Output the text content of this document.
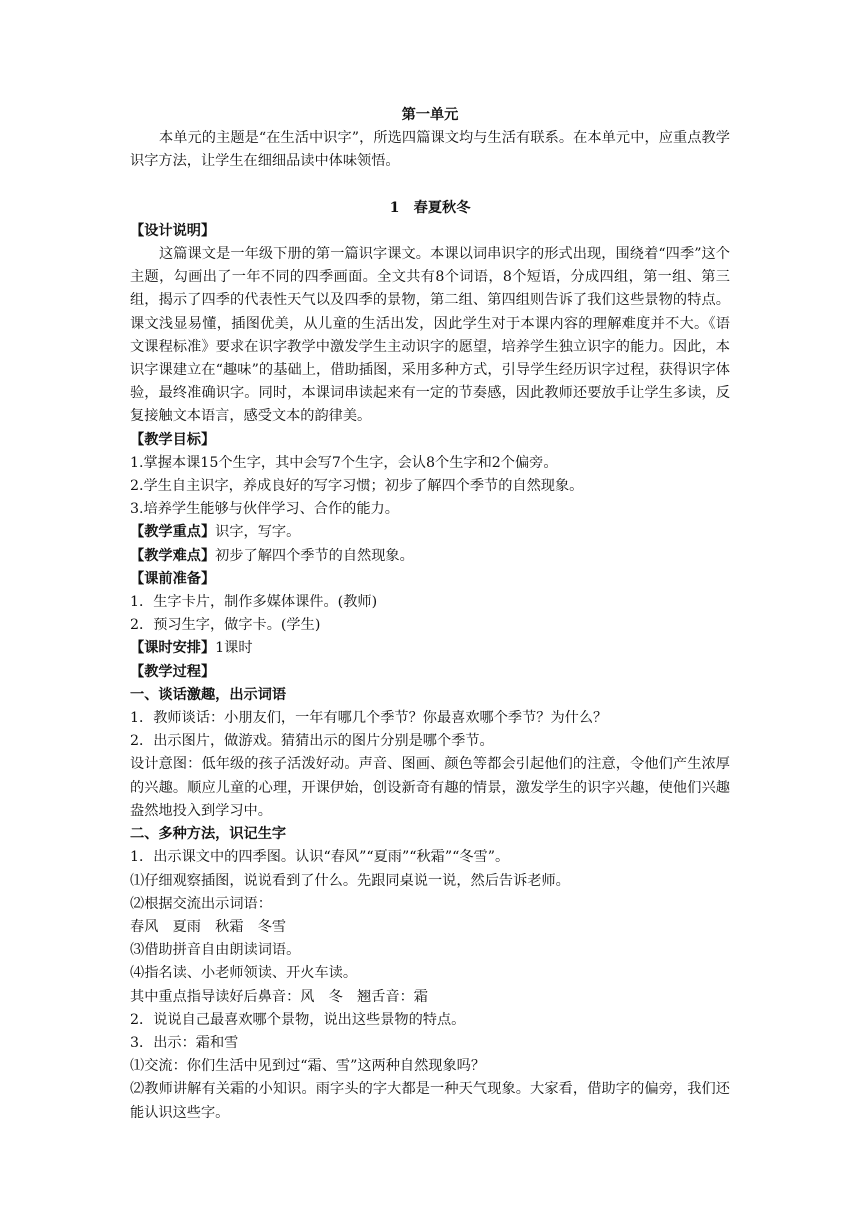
第一单元

本单元的主题是“在生活中识字”，所选四篇课文均与生活有联系。在本单元中，应重点教学识字方法，让学生在细细品读中体味领悟。

1　春夏秋冬

【设计说明】

这篇课文是一年级下册的第一篇识字课文。本课以词串识字的形式出现，围绕着“四季”这个主题，勾画出了一年不同的四季画面。全文共有8个词语，8个短语，分成四组，第一组、第三组，揭示了四季的代表性天气以及四季的景物，第二组、第四组则告诉了我们这些景物的特点。课文浅显易懂，插图优美，从儿童的生活出发，因此学生对于本课内容的理解难度并不大。《语文课程标准》要求在识字教学中激发学生主动识字的愿望，培养学生独立识字的能力。因此，本识字课建立在“趣味”的基础上，借助插图，采用多种方式，引导学生经历识字过程，获得识字体验，最终准确识字。同时，本课词串读起来有一定的节奏感，因此教师还要放手让学生多读，反复接触文本语言，感受文本的韵律美。

【教学目标】

1.掌握本课15个生字，其中会写7个生字，会认8个生字和2个偏旁。

2.学生自主识字，养成良好的写字习惯；初步了解四个季节的自然现象。

3.培养学生能够与伙伴学习、合作的能力。

【教学重点】识字，写字。

【教学难点】初步了解四个季节的自然现象。

【课前准备】

1．生字卡片，制作多媒体课件。(教师)

2．预习生字，做字卡。(学生)

【课时安排】1课时

【教学过程】

一、谈话激趣，出示词语

1．教师谈话：小朋友们，一年有哪几个季节？你最喜欢哪个季节？为什么？

2．出示图片，做游戏。猜猜出示的图片分别是哪个季节。

设计意图：低年级的孩子活泼好动。声音、图画、颜色等都会引起他们的注意，令他们产生浓厚的兴趣。顺应儿童的心理，开课伊始，创设新奇有趣的情景，激发学生的识字兴趣，使他们兴趣盎然地投入到学习中。

二、多种方法，识记生字

1．出示课文中的四季图。认识“春风”“夏雨”“秋霜”“冬雪”。

⑴仔细观察插图，说说看到了什么。先跟同桌说一说，然后告诉老师。

⑵根据交流出示词语：

春风　夏雨　秋霜　冬雪

⑶借助拼音自由朗读词语。

⑷指名读、小老师领读、开火车读。

其中重点指导读好后鼻音：风　冬　翘舌音：霜

2．说说自己最喜欢哪个景物，说出这些景物的特点。

3．出示：霜和雪

⑴交流：你们生活中见到过“霜、雪”这两种自然现象吗？

⑵教师讲解有关霜的小知识。雨字头的字大都是一种天气现象。大家看，借助字的偏旁，我们还能认识这些字。
